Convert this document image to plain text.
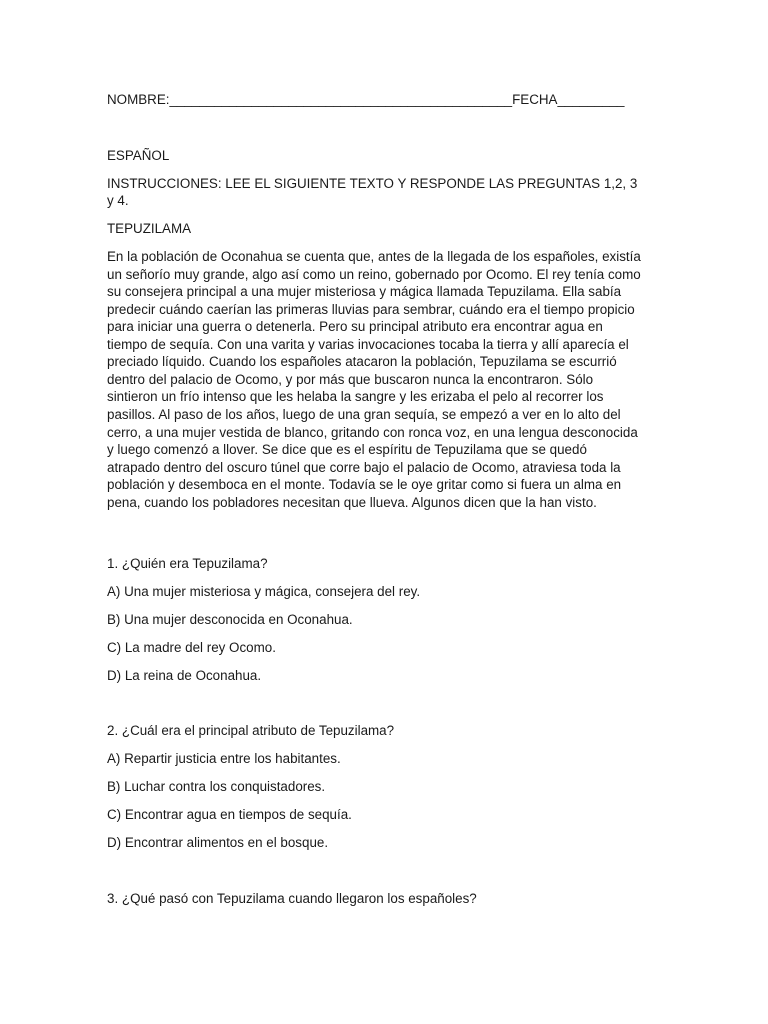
NOMBRE:______________________________________________FECHA_________
ESPAÑOL
INSTRUCCIONES: LEE EL SIGUIENTE TEXTO Y RESPONDE LAS PREGUNTAS 1,2, 3
y 4.
TEPUZILAMA
En la población de Oconahua se cuenta que, antes de la llegada de los españoles, existía
un señorío muy grande, algo así como un reino, gobernado por Ocomo. El rey tenía como
su consejera principal a una mujer misteriosa y mágica llamada Tepuzilama. Ella sabía
predecir cuándo caerían las primeras lluvias para sembrar, cuándo era el tiempo propicio
para iniciar una guerra o detenerla. Pero su principal atributo era encontrar agua en
tiempo de sequía. Con una varita y varias invocaciones tocaba la tierra y allí aparecía el
preciado líquido. Cuando los españoles atacaron la población, Tepuzilama se escurrió
dentro del palacio de Ocomo, y por más que buscaron nunca la encontraron. Sólo
sintieron un frío intenso que les helaba la sangre y les erizaba el pelo al recorrer los
pasillos. Al paso de los años, luego de una gran sequía, se empezó a ver en lo alto del
cerro, a una mujer vestida de blanco, gritando con ronca voz, en una lengua desconocida
y luego comenzó a llover. Se dice que es el espíritu de Tepuzilama que se quedó
atrapado dentro del oscuro túnel que corre bajo el palacio de Ocomo, atraviesa toda la
población y desemboca en el monte. Todavía se le oye gritar como si fuera un alma en
pena, cuando los pobladores necesitan que llueva. Algunos dicen que la han visto.
1. ¿Quién era Tepuzilama?
A) Una mujer misteriosa y mágica, consejera del rey.
B) Una mujer desconocida en Oconahua.
C) La madre del rey Ocomo.
D) La reina de Oconahua.
2. ¿Cuál era el principal atributo de Tepuzilama?
A) Repartir justicia entre los habitantes.
B) Luchar contra los conquistadores.
C) Encontrar agua en tiempos de sequía.
D) Encontrar alimentos en el bosque.
3. ¿Qué pasó con Tepuzilama cuando llegaron los españoles?
